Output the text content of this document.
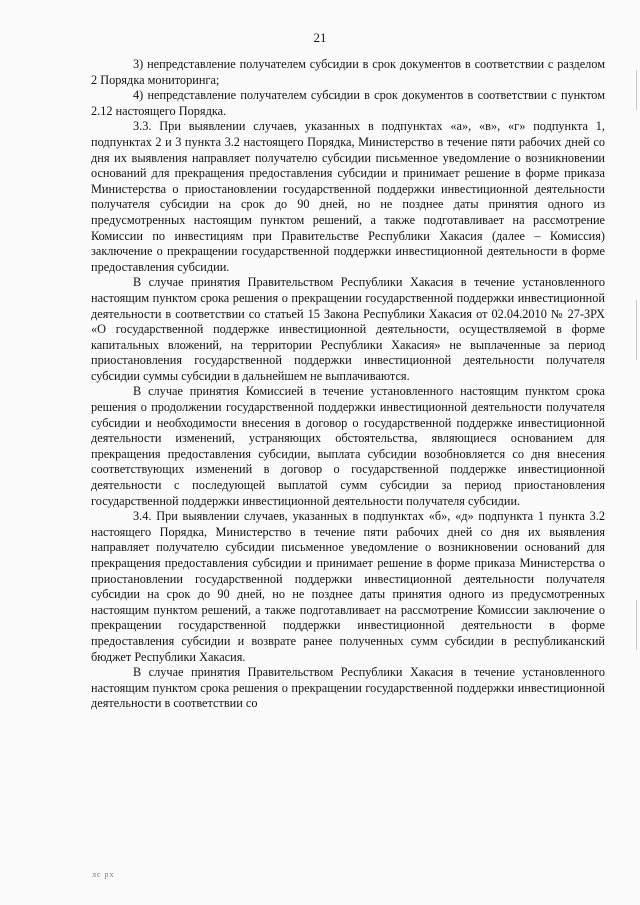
21

3) непредставление получателем субсидии в срок документов в соответствии с разделом 2 Порядка мониторинга;

4) непредставление получателем субсидии в срок документов в соответствии с пунктом 2.12 настоящего Порядка.

3.3. При выявлении случаев, указанных в подпунктах «а», «в», «г» подпункта 1, подпунктах 2 и 3 пункта 3.2 настоящего Порядка, Министерство в течение пяти рабочих дней со дня их выявления направляет получателю субсидии письменное уведомление о возникновении оснований для прекращения предоставления субсидии и принимает решение в форме приказа Министерства о приостановлении государственной поддержки инвестиционной деятельности получателя субсидии на срок до 90 дней, но не позднее даты принятия одного из предусмотренных настоящим пунктом решений, а также подготавливает на рассмотрение Комиссии по инвестициям при Правительстве Республики Хакасия (далее – Комиссия) заключение о прекращении государственной поддержки инвестиционной деятельности в форме предоставления субсидии.

В случае принятия Правительством Республики Хакасия в течение установленного настоящим пунктом срока решения о прекращении государственной поддержки инвестиционной деятельности в соответствии со статьей 15 Закона Республики Хакасия от 02.04.2010 № 27-ЗРХ «О государственной поддержке инвестиционной деятельности, осуществляемой в форме капитальных вложений, на территории Республики Хакасия» не выплаченные за период приостановления государственной поддержки инвестиционной деятельности получателя субсидии суммы субсидии в дальнейшем не выплачиваются.

В случае принятия Комиссией в течение установленного настоящим пунктом срока решения о продолжении государственной поддержки инвестиционной деятельности получателя субсидии и необходимости внесения в договор о государственной поддержке инвестиционной деятельности изменений, устраняющих обстоятельства, являющиеся основанием для прекращения предоставления субсидии, выплата субсидии возобновляется со дня внесения соответствующих изменений в договор о государственной поддержке инвестиционной деятельности с последующей выплатой сумм субсидии за период приостановления государственной поддержки инвестиционной деятельности получателя субсидии.

3.4. При выявлении случаев, указанных в подпунктах «б», «д» подпункта 1 пункта 3.2 настоящего Порядка, Министерство в течение пяти рабочих дней со дня их выявления направляет получателю субсидии письменное уведомление о возникновении оснований для прекращения предоставления субсидии и принимает решение в форме приказа Министерства о приостановлении государственной поддержки инвестиционной деятельности получателя субсидии на срок до 90 дней, но не позднее даты принятия одного из предусмотренных настоящим пунктом решений, а также подготавливает на рассмотрение Комиссии заключение о прекращении государственной поддержки инвестиционной деятельности в форме предоставления субсидии и возврате ранее полученных сумм субсидии в республиканский бюджет Республики Хакасия.

В случае принятия Правительством Республики Хакасия в течение установленного настоящим пунктом срока решения о прекращении государственной поддержки инвестиционной деятельности в соответствии со

лс рх
